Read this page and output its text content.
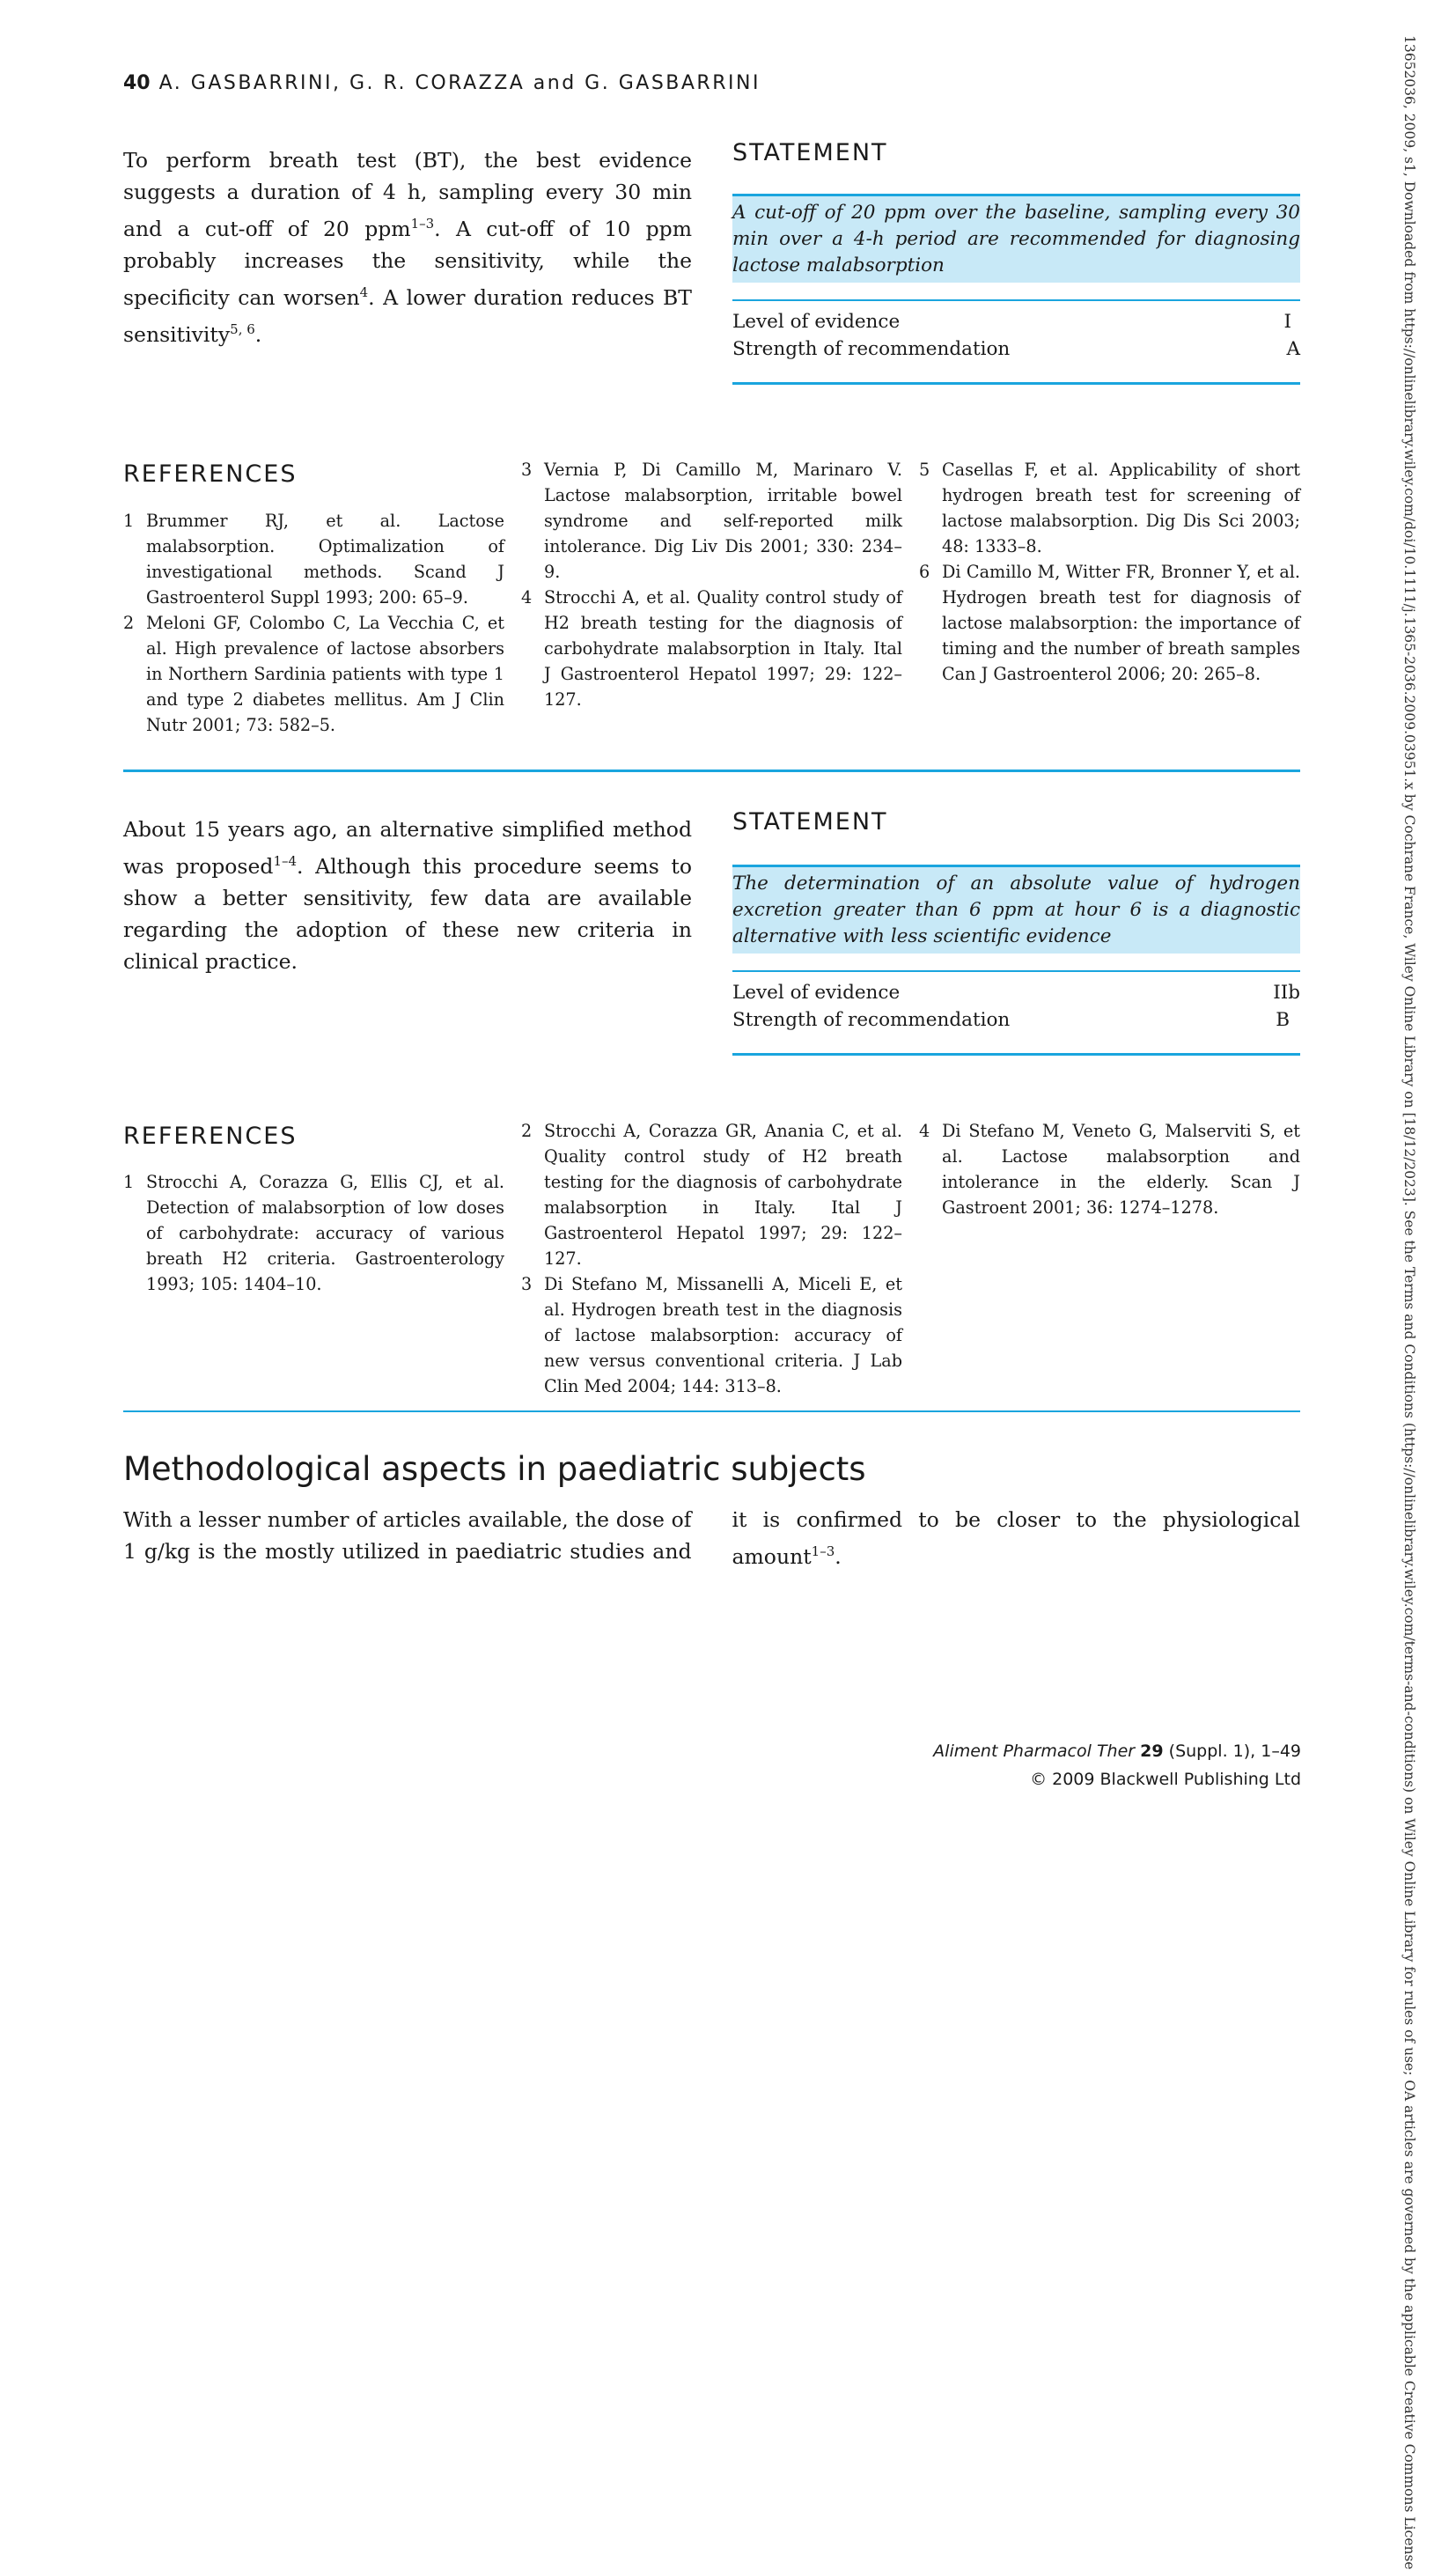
40 A. GASBARRINI, G. R. CORAZZA and G. GASBARRINI
To perform breath test (BT), the best evidence suggests a duration of 4 h, sampling every 30 min and a cut-off of 20 ppm$^{1-3}$. A cut-off of 10 ppm probably increases the sensitivity, while the specificity can worsen$^4$. A lower duration reduces BT sensitivity$^{5, 6}$.
STATEMENT
A cut-off of 20 ppm over the baseline, sampling every 30 min over a 4-h period are recommended for diagnosing lactose malabsorption
Level of evidence	I
Strength of recommendation	A
REFERENCES
1 Brummer RJ, et al. Lactose malabsorption. Optimalization of investigational methods. Scand J Gastroenterol Suppl 1993; 200: 65–9.
2 Meloni GF, Colombo C, La Vecchia C, et al. High prevalence of lactose absorbers in Northern Sardinia patients with type 1 and type 2 diabetes mellitus. Am J Clin Nutr 2001; 73: 582–5.
3 Vernia P, Di Camillo M, Marinaro V. Lactose malabsorption, irritable bowel syndrome and self-reported milk intolerance. Dig Liv Dis 2001; 330: 234–9.
4 Strocchi A, et al. Quality control study of H2 breath testing for the diagnosis of carbohydrate malabsorption in Italy. Ital J Gastroenterol Hepatol 1997; 29: 122–127.
5 Casellas F, et al. Applicability of short hydrogen breath test for screening of lactose malabsorption. Dig Dis Sci 2003; 48: 1333–8.
6 Di Camillo M, Witter FR, Bronner Y, et al. Hydrogen breath test for diagnosis of lactose malabsorption: the importance of timing and the number of breath samples Can J Gastroenterol 2006; 20: 265–8.
About 15 years ago, an alternative simplified method was proposed$^{1-4}$. Although this procedure seems to show a better sensitivity, few data are available regarding the adoption of these new criteria in clinical practice.
STATEMENT
The determination of an absolute value of hydrogen excretion greater than 6 ppm at hour 6 is a diagnostic alternative with less scientific evidence
Level of evidence	IIb
Strength of recommendation	B
REFERENCES
1 Strocchi A, Corazza G, Ellis CJ, et al. Detection of malabsorption of low doses of carbohydrate: accuracy of various breath H2 criteria. Gastroenterology 1993; 105: 1404–10.
2 Strocchi A, Corazza GR, Anania C, et al. Quality control study of H2 breath testing for the diagnosis of carbohydrate malabsorption in Italy. Ital J Gastroenterol Hepatol 1997; 29: 122–127.
3 Di Stefano M, Missanelli A, Miceli E, et al. Hydrogen breath test in the diagnosis of lactose malabsorption: accuracy of new versus conventional criteria. J Lab Clin Med 2004; 144: 313–8.
4 Di Stefano M, Veneto G, Malserviti S, et al. Lactose malabsorption and intolerance in the elderly. Scan J Gastroent 2001; 36: 1274–1278.
Methodological aspects in paediatric subjects
With a lesser number of articles available, the dose of 1 g/kg is the mostly utilized in paediatric studies and it is confirmed to be closer to the physiological amount$^{1-3}$.
Aliment Pharmacol Ther 29 (Suppl. 1), 1–49
© 2009 Blackwell Publishing Ltd	13652036, 2009, s1, Downloaded from https://onlinelibrary.wiley.com/doi/10.1111/j.1365-2036.2009.03951.x by Cochrane France, Wiley Online Library on [18/12/2023]. See the Terms and Conditions (https://onlinelibrary.wiley.com/terms-and-conditions) on Wiley Online Library for rules of use; OA articles are governed by the applicable Creative Commons License
